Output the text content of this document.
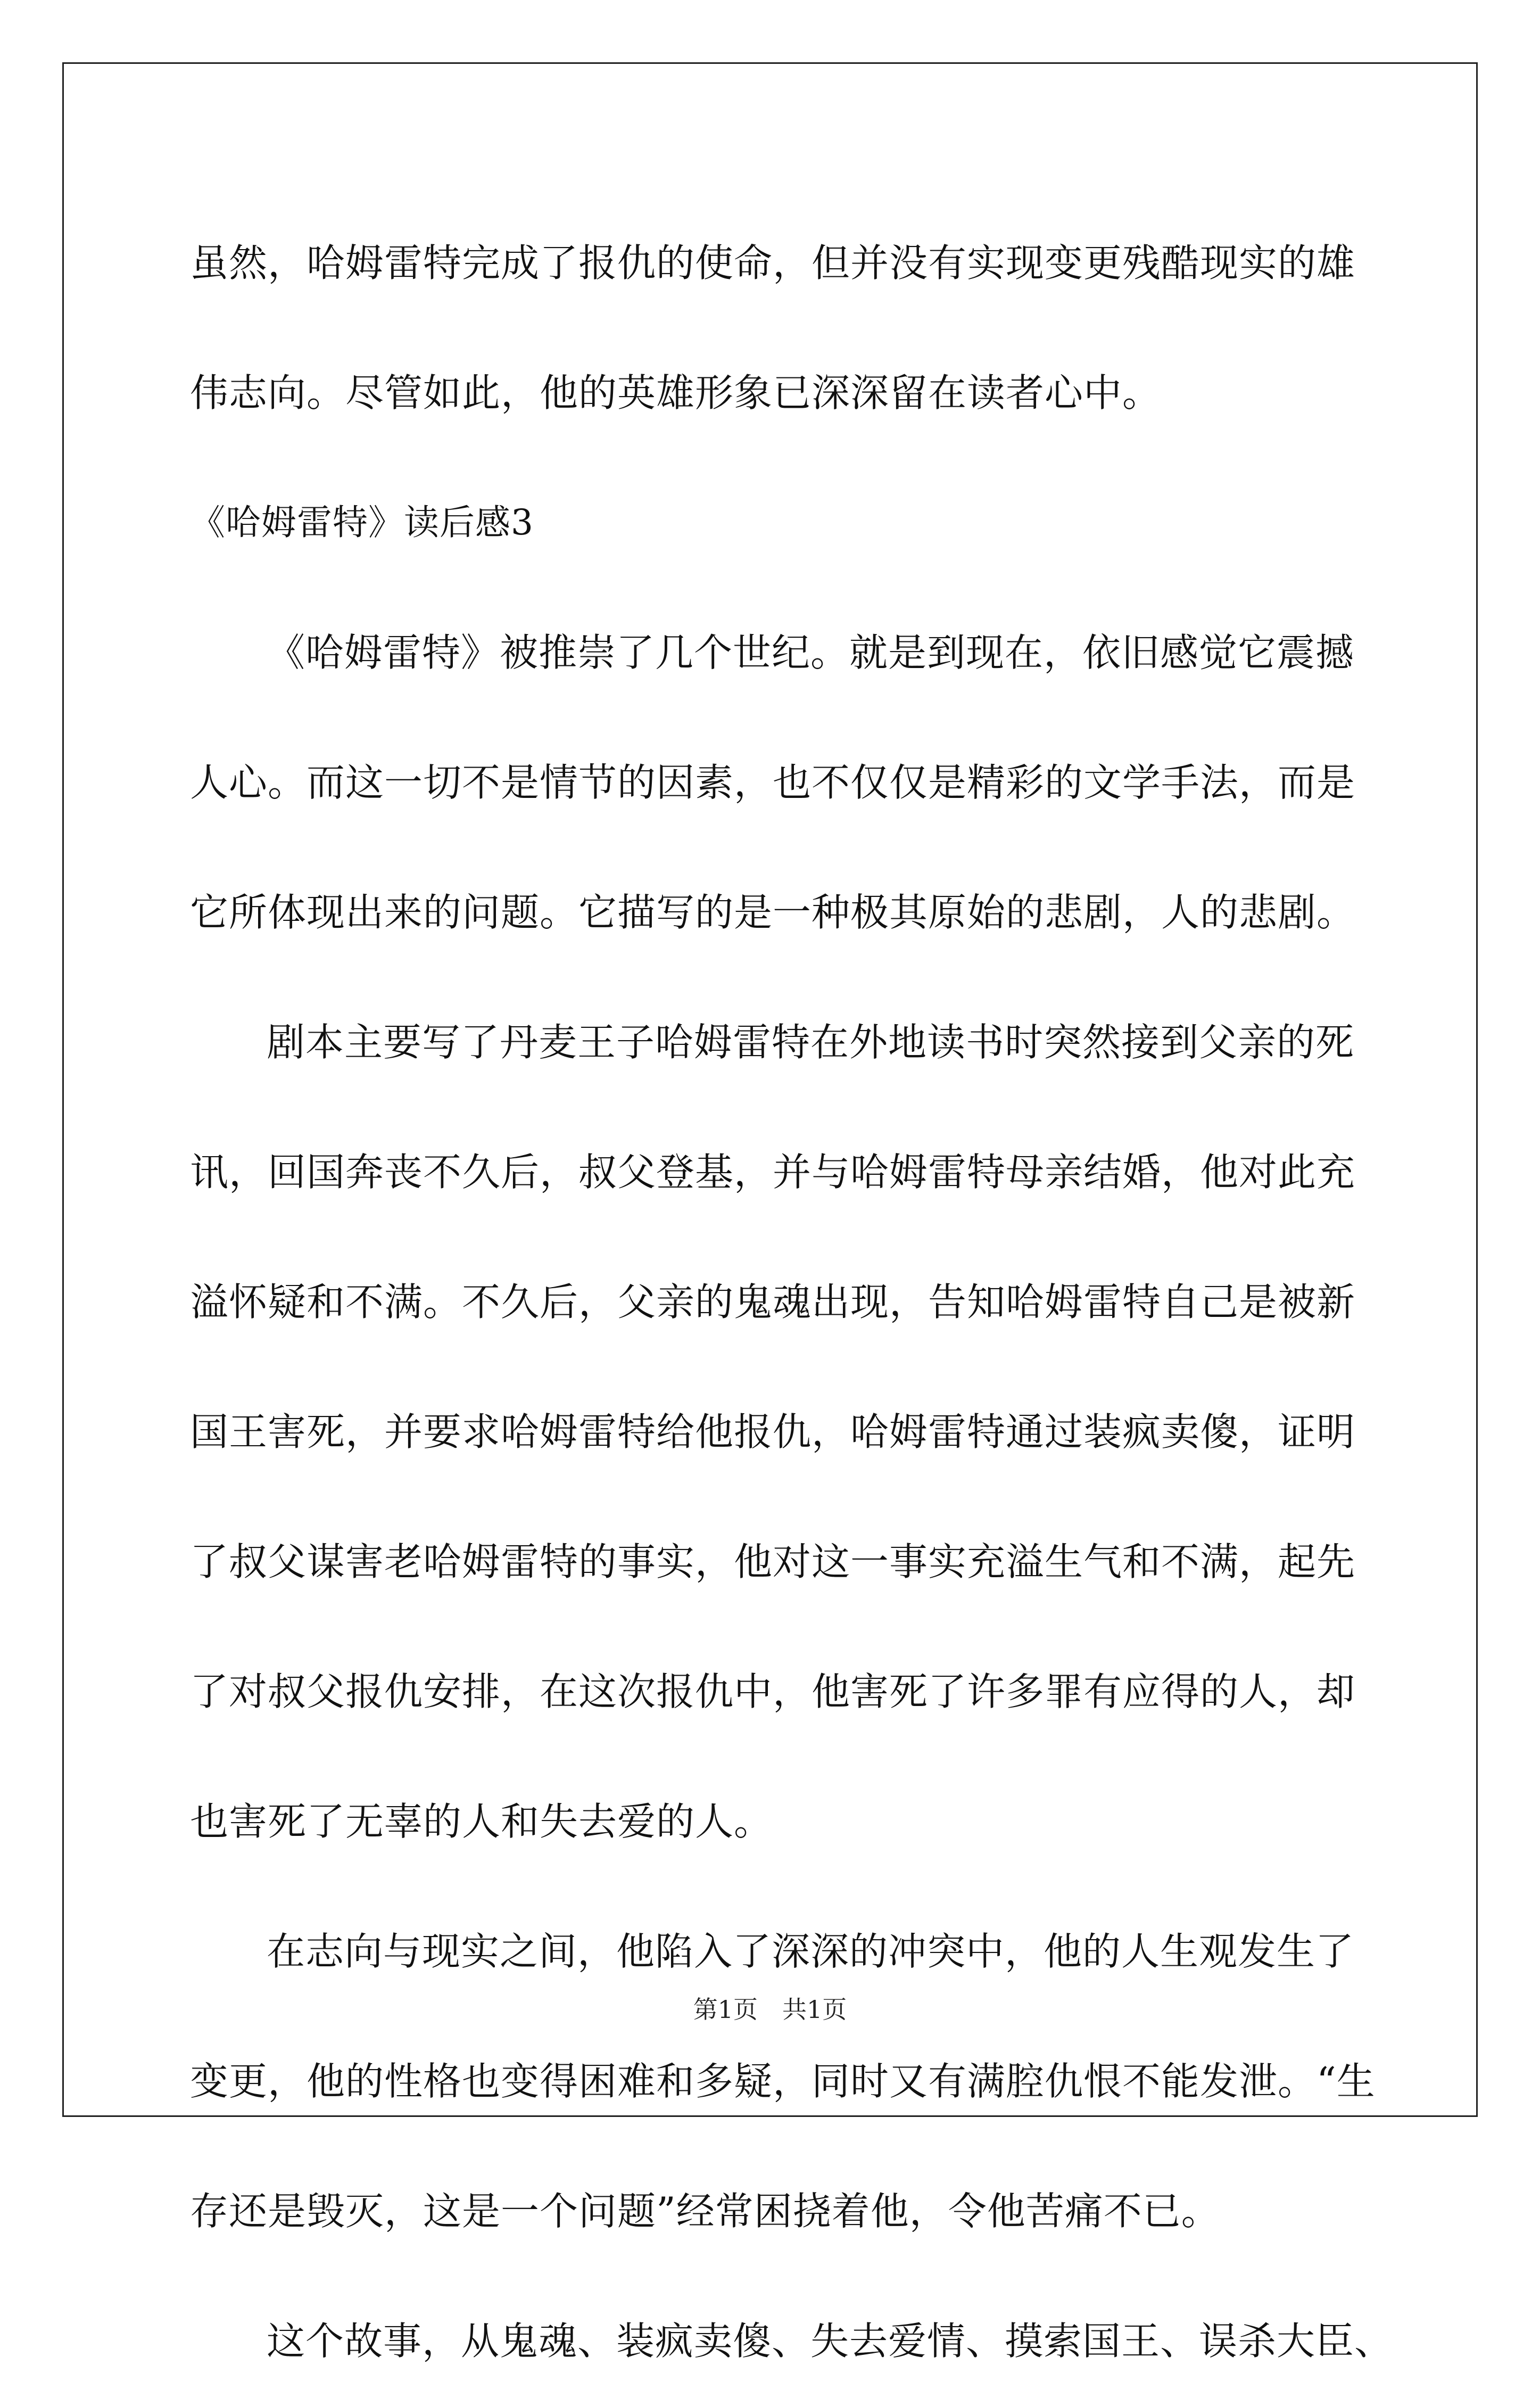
虽然，哈姆雷特完成了报仇的使命，但并没有实现变更残酷现实的雄
伟志向。尽管如此，他的英雄形象已深深留在读者心中。
《哈姆雷特》读后感3
《哈姆雷特》被推崇了几个世纪。就是到现在，依旧感觉它震撼
人心。而这一切不是情节的因素，也不仅仅是精彩的文学手法，而是
它所体现出来的问题。它描写的是一种极其原始的悲剧，人的悲剧。
剧本主要写了丹麦王子哈姆雷特在外地读书时突然接到父亲的死
讯，回国奔丧不久后，叔父登基，并与哈姆雷特母亲结婚，他对此充
溢怀疑和不满。不久后，父亲的鬼魂出现，告知哈姆雷特自己是被新
国王害死，并要求哈姆雷特给他报仇，哈姆雷特通过装疯卖傻，证明
了叔父谋害老哈姆雷特的事实，他对这一事实充溢生气和不满，起先
了对叔父报仇安排，在这次报仇中，他害死了许多罪有应得的人，却
也害死了无辜的人和失去爱的人。
在志向与现实之间，他陷入了深深的冲突中，他的人生观发生了
变更，他的性格也变得困难和多疑，同时又有满腔仇恨不能发泄。“生
存还是毁灭，这是一个问题”经常困挠着他，令他苦痛不已。
这个故事，从鬼魂、装疯卖傻、失去爱情、摸索国王、误杀大臣、
第1页　共1页
